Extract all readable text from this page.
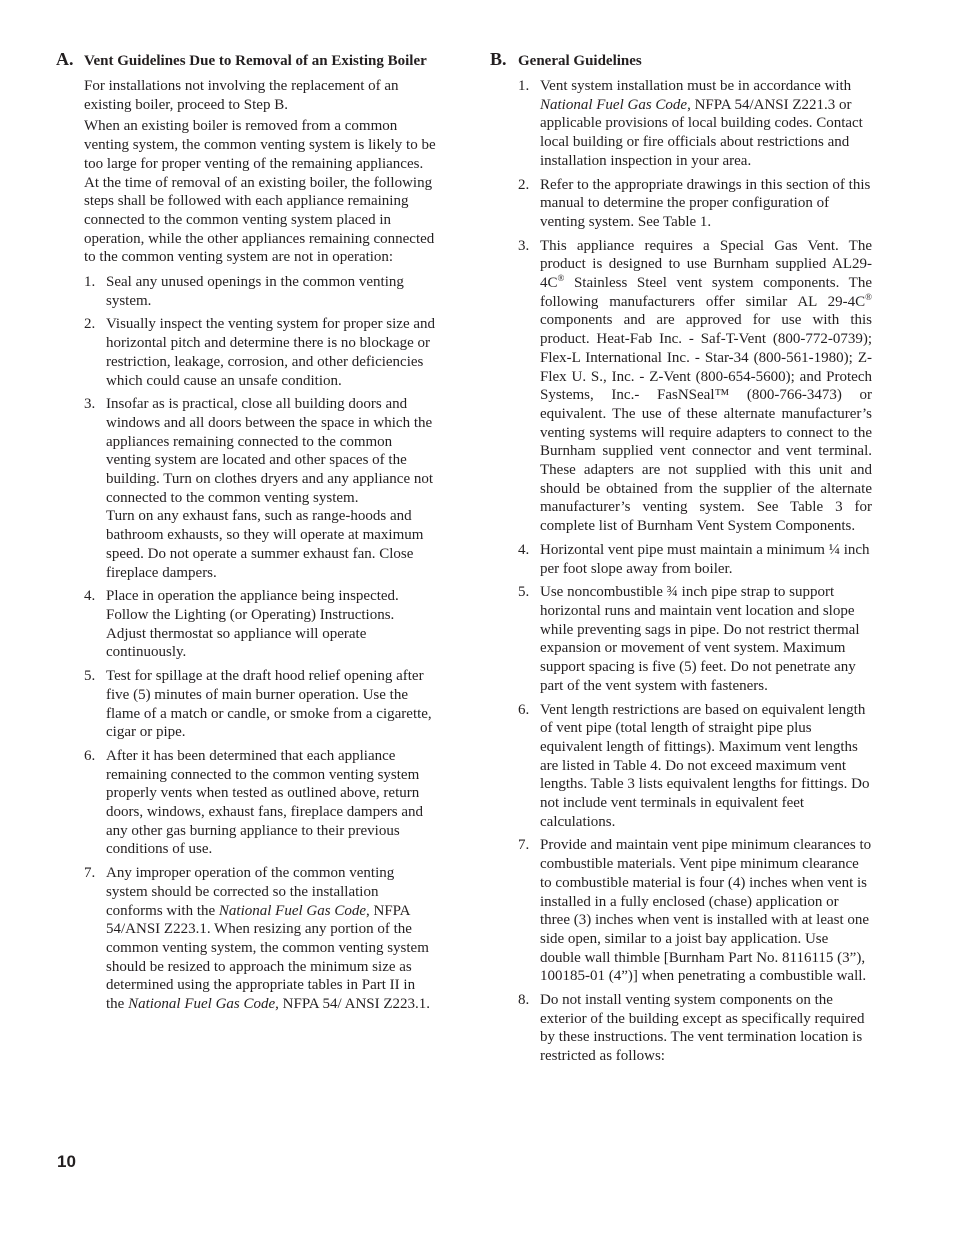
A. Vent Guidelines Due to Removal of an Existing Boiler

For installations not involving the replacement of an existing boiler, proceed to Step B.

When an existing boiler is removed from a common venting system, the common venting system is likely to be too large for proper venting of the remaining appliances. At the time of removal of an existing boiler, the following steps shall be followed with each appliance remaining connected to the common venting system placed in operation, while the other appliances remaining connected to the common venting system are not in operation:

1. Seal any unused openings in the common venting system.
2. Visually inspect the venting system for proper size and horizontal pitch and determine there is no blockage or restriction, leakage, corrosion, and other deficiencies which could cause an unsafe condition.
3. Insofar as is practical, close all building doors and windows and all doors between the space in which the appliances remaining connected to the common venting system are located and other spaces of the building. Turn on clothes dryers and any appliance not connected to the common venting system.
Turn on any exhaust fans, such as range-hoods and bathroom exhausts, so they will operate at maximum speed. Do not operate a summer exhaust fan. Close fireplace dampers.
4. Place in operation the appliance being inspected. Follow the Lighting (or Operating) Instructions. Adjust thermostat so appliance will operate continuously.
5. Test for spillage at the draft hood relief opening after five (5) minutes of main burner operation. Use the flame of a match or candle, or smoke from a cigarette, cigar or pipe.
6. After it has been determined that each appliance remaining connected to the common venting system properly vents when tested as outlined above, return doors, windows, exhaust fans, fireplace dampers and any other gas burning appliance to their previous conditions of use.
7. Any improper operation of the common venting system should be corrected so the installation conforms with the National Fuel Gas Code, NFPA 54/ANSI Z223.1. When resizing any portion of the common venting system, the common venting system should be resized to approach the minimum size as determined using the appropriate tables in Part II in the National Fuel Gas Code, NFPA 54/ ANSI Z223.1.
B. General Guidelines
1. Vent system installation must be in accordance with National Fuel Gas Code, NFPA 54/ANSI Z221.3 or applicable provisions of local building codes. Contact local building or fire officials about restrictions and installation inspection in your area.
2. Refer to the appropriate drawings in this section of this manual to determine the proper configuration of venting system. See Table 1.
3. This appliance requires a Special Gas Vent. The product is designed to use Burnham supplied AL29-4C® Stainless Steel vent system components. The following manufacturers offer similar AL 29-4C® components and are approved for use with this product. Heat-Fab Inc. - Saf-T-Vent (800-772-0739); Flex-L International Inc. - Star-34 (800-561-1980); Z-Flex U. S., Inc. - Z-Vent (800-654-5600); and Protech Systems, Inc.- FasNSeal™ (800-766-3473) or equivalent. The use of these alternate manufacturer’s venting systems will require adapters to connect to the Burnham supplied vent connector and vent terminal. These adapters are not supplied with this unit and should be obtained from the supplier of the alternate manufacturer’s venting system. See Table 3 for complete list of Burnham Vent System Components.
4. Horizontal vent pipe must maintain a minimum ¼ inch per foot slope away from boiler.
5. Use noncombustible ¾ inch pipe strap to support horizontal runs and maintain vent location and slope while preventing sags in pipe. Do not restrict thermal expansion or movement of vent system. Maximum support spacing is five (5) feet. Do not penetrate any part of the vent system with fasteners.
6. Vent length restrictions are based on equivalent length of vent pipe (total length of straight pipe plus equivalent length of fittings). Maximum vent lengths are listed in Table 4. Do not exceed maximum vent lengths. Table 3 lists equivalent lengths for fittings. Do not include vent terminals in equivalent feet calculations.
7. Provide and maintain vent pipe minimum clearances to combustible materials. Vent pipe minimum clearance to combustible material is four (4) inches when vent is installed in a fully enclosed (chase) application or three (3) inches when vent is installed with at least one side open, similar to a joist bay application. Use double wall thimble [Burnham Part No. 8116115 (3”), 100185-01 (4”)] when penetrating a combustible wall.
8. Do not install venting system components on the exterior of the building except as specifically required by these instructions. The vent termination location is restricted as follows:
10
